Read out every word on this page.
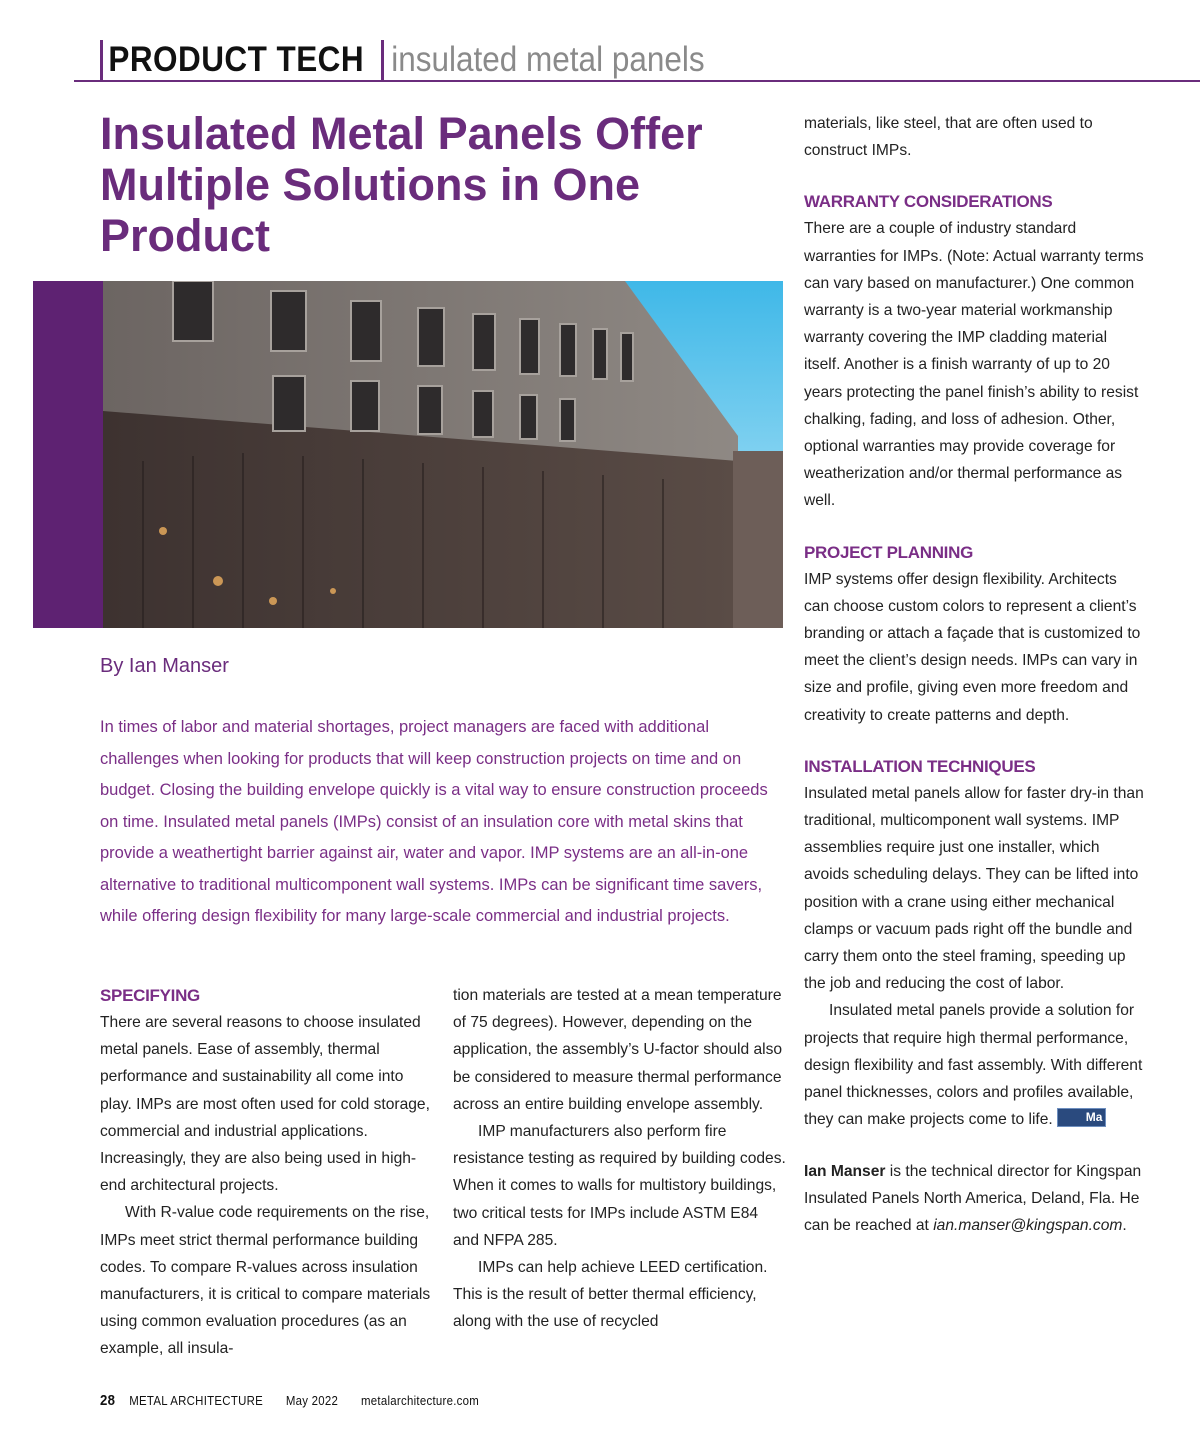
PRODUCT TECH insulated metal panels
Insulated Metal Panels Offer Multiple Solutions in One Product
By Ian Manser

In times of labor and material shortages, project managers are faced with additional challenges when looking for products that will keep construction projects on time and on budget. Closing the building envelope quickly is a vital way to ensure construction proceeds on time. Insulated metal panels (IMPs) consist of an insulation core with metal skins that provide a weathertight barrier against air, water and vapor. IMP systems are an all-in-one alternative to traditional multicomponent wall systems. IMPs can be significant time savers, while offering design flexibility for many large-scale commercial and industrial projects.

SPECIFYING

There are several reasons to choose insulated metal panels. Ease of assembly, thermal performance and sustainability all come into play. IMPs are most often used for cold storage, commercial and industrial applications. Increasingly, they are also being used in high-end architectural projects.

With R-value code requirements on the rise, IMPs meet strict thermal performance building codes. To compare R-values across insulation manufacturers, it is critical to compare materials using common evaluation procedures (as an example, all insula-

tion materials are tested at a mean temperature of 75 degrees). However, depending on the application, the assembly’s U-factor should also be considered to measure thermal performance across an entire building envelope assembly.

IMP manufacturers also perform fire resistance testing as required by building codes. When it comes to walls for multistory buildings, two critical tests for IMPs include ASTM E84 and NFPA 285.

IMPs can help achieve LEED certification. This is the result of better thermal efficiency, along with the use of recycled

materials, like steel, that are often used to construct IMPs.

WARRANTY CONSIDERATIONS

There are a couple of industry standard warranties for IMPs. (Note: Actual warranty terms can vary based on manufacturer.) One common warranty is a two-year material workmanship warranty covering the IMP cladding material itself. Another is a finish warranty of up to 20 years protecting the panel finish’s ability to resist chalking, fading, and loss of adhesion. Other, optional warranties may provide coverage for weatherization and/or thermal performance as well.

PROJECT PLANNING

IMP systems offer design flexibility. Architects can choose custom colors to represent a client’s branding or attach a façade that is customized to meet the client’s design needs. IMPs can vary in size and profile, giving even more freedom and creativity to create patterns and depth.

INSTALLATION TECHNIQUES

Insulated metal panels allow for faster dry-in than traditional, multicomponent wall systems. IMP assemblies require just one installer, which avoids scheduling delays. They can be lifted into position with a crane using either mechanical clamps or vacuum pads right off the bundle and carry them onto the steel framing, speeding up the job and reducing the cost of labor.

Insulated metal panels provide a solution for projects that require high thermal performance, design flexibility and fast assembly. With different panel thicknesses, colors and profiles available, they can make projects come to life.	Ma

Ian Manser is the technical director for Kingspan Insulated Panels North America, Deland, Fla. He can be reached at ian.manser@kingspan.com.

28 METAL ARCHITECTURE May 2022 metalarchitecture.com
